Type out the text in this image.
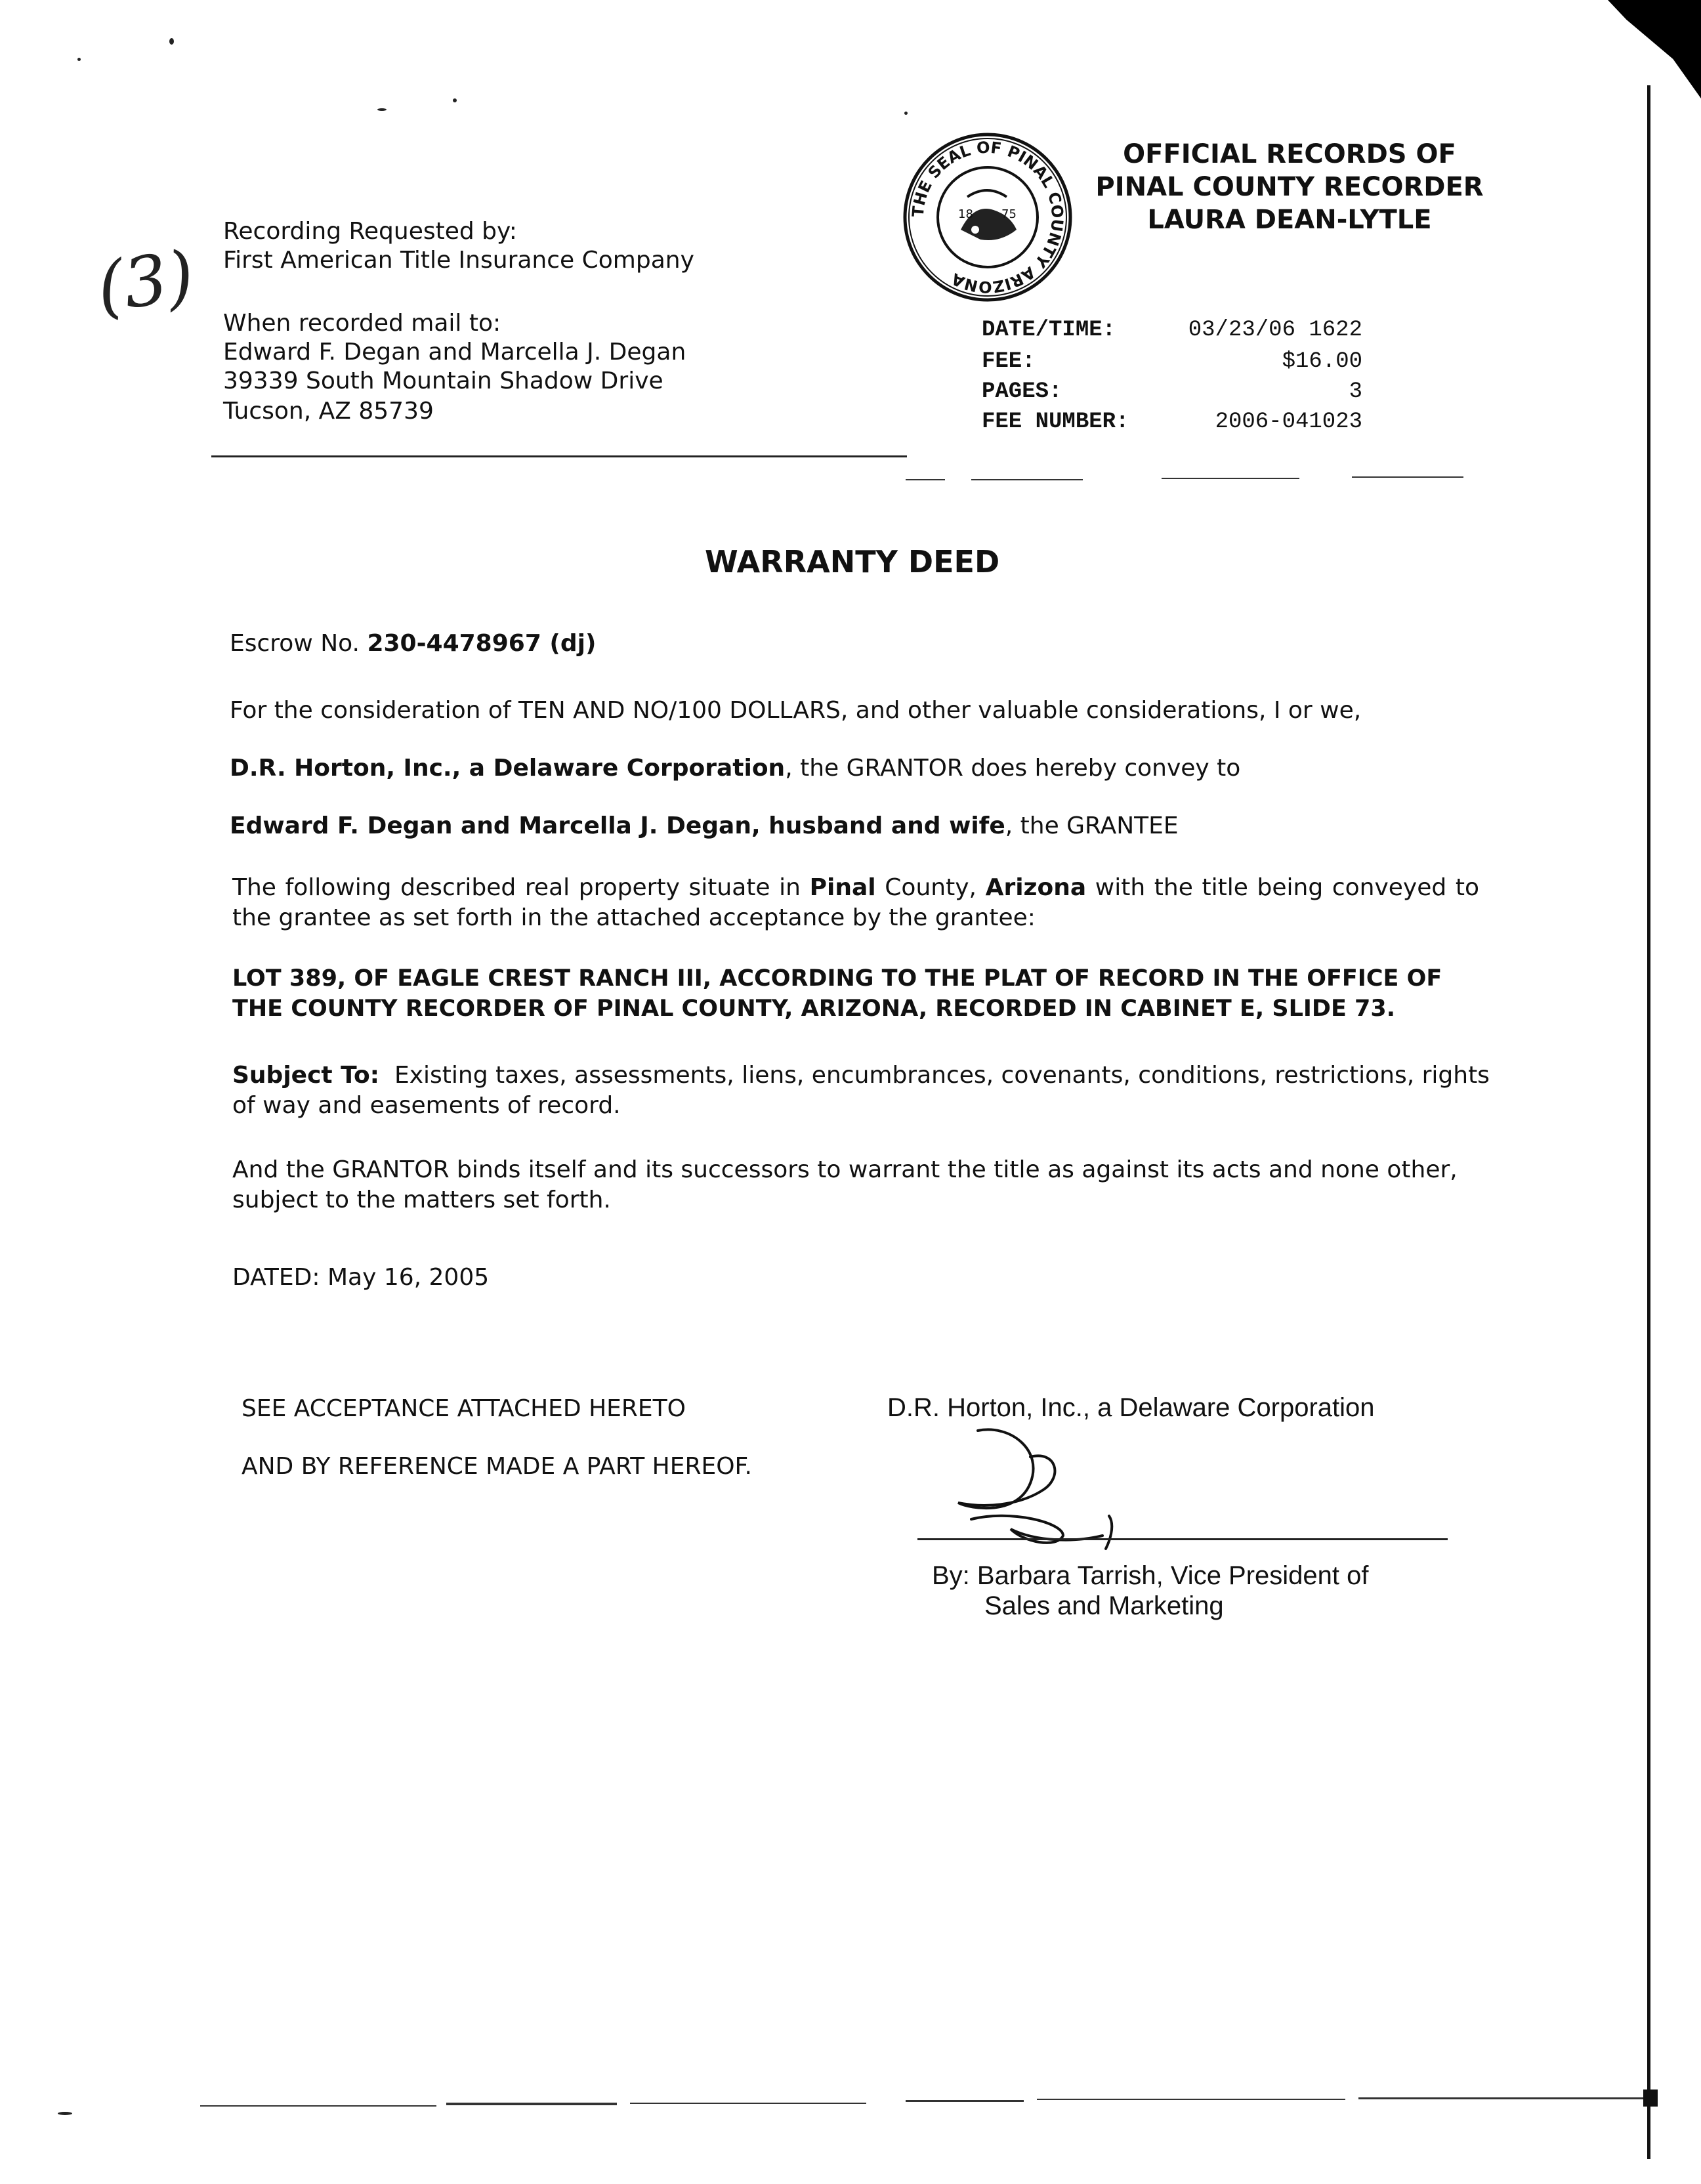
(3)
Recording Requested by:
First American Title Insurance Company
When recorded mail to:
Edward F. Degan and Marcella J. Degan
39339 South Mountain Shadow Drive
Tucson, AZ 85739
THE SEAL OF PINAL COUNTY ARIZONA
18 75
OFFICIAL RECORDS OF
PINAL COUNTY RECORDER
LAURA DEAN-LYTLE
DATE/TIME:	03/23/06 1622
FEE:	$16.00
PAGES:	3
FEE NUMBER:	2006-041023
WARRANTY DEED
Escrow No. 230-4478967 (dj)
For the consideration of TEN AND NO/100 DOLLARS, and other valuable considerations, I or we,
D.R. Horton, Inc., a Delaware Corporation, the GRANTOR does hereby convey to
Edward F. Degan and Marcella J. Degan, husband and wife, the GRANTEE
The following described real property situate in Pinal County, Arizona with the title being conveyed to the grantee as set forth in the attached acceptance by the grantee:
LOT 389, OF EAGLE CREST RANCH III, ACCORDING TO THE PLAT OF RECORD IN THE OFFICE OF
THE COUNTY RECORDER OF PINAL COUNTY, ARIZONA, RECORDED IN CABINET E, SLIDE 73.
Subject To: Existing taxes, assessments, liens, encumbrances, covenants, conditions, restrictions, rights of way and easements of record.
And the GRANTOR binds itself and its successors to warrant the title as against its acts and none other, subject to the matters set forth.
DATED: May 16, 2005
SEE ACCEPTANCE ATTACHED HERETO
AND BY REFERENCE MADE A PART HEREOF.
D.R. Horton, Inc., a Delaware Corporation
By: Barbara Tarrish, Vice President of
Sales and Marketing
